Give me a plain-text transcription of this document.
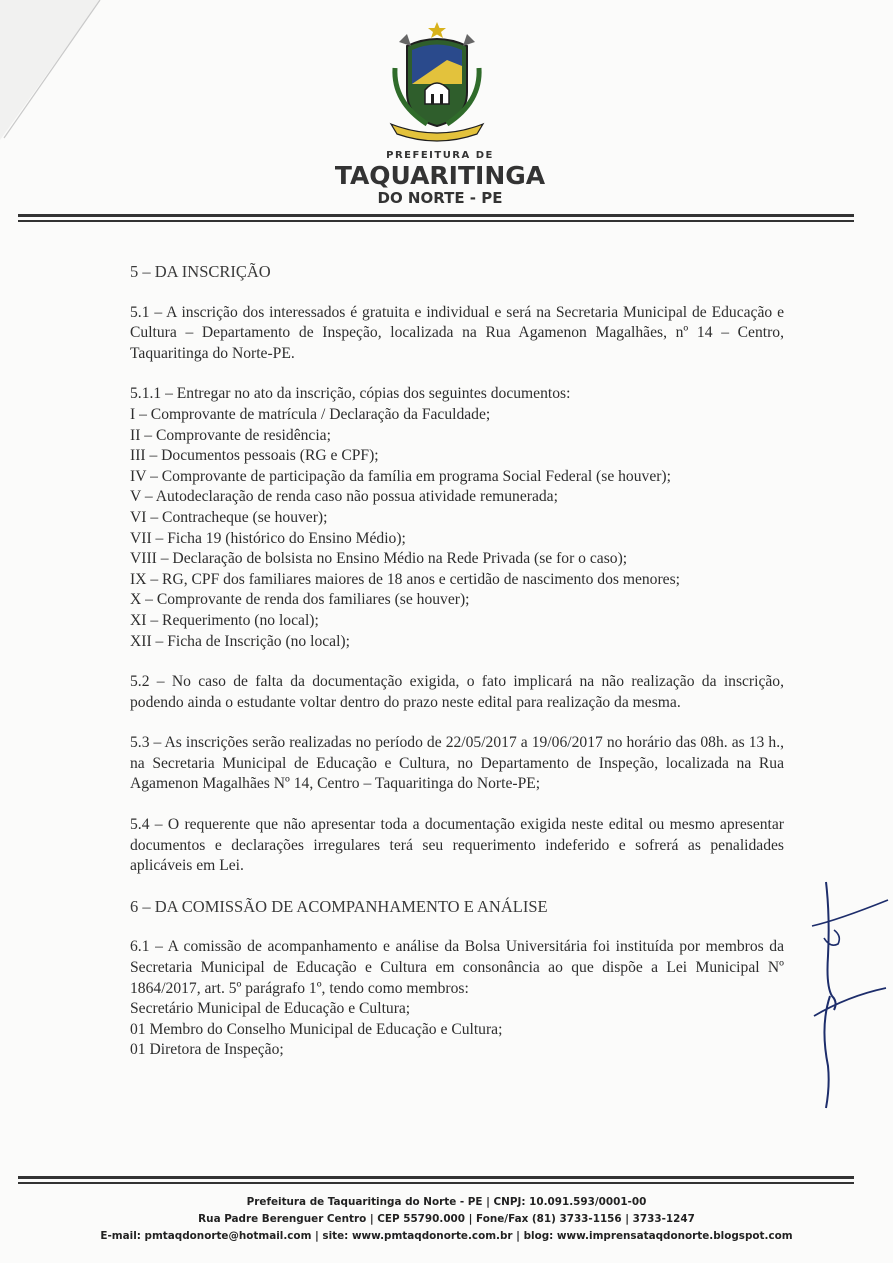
PREFEITURA DE
TAQUARITINGA
DO NORTE - PE
5 – DA INSCRIÇÃO

5.1 – A inscrição dos interessados é gratuita e individual e será na Secretaria Municipal de Educação e Cultura – Departamento de Inspeção, localizada na Rua Agamenon Magalhães, nº 14 – Centro, Taquaritinga do Norte-PE.

5.1.1 – Entregar no ato da inscrição, cópias dos seguintes documentos:

I – Comprovante de matrícula / Declaração da Faculdade;

II – Comprovante de residência;

III – Documentos pessoais (RG e CPF);

IV – Comprovante de participação da família em programa Social Federal (se houver);

V – Autodeclaração de renda caso não possua atividade remunerada;

VI – Contracheque (se houver);

VII – Ficha 19 (histórico do Ensino Médio);

VIII – Declaração de bolsista no Ensino Médio na Rede Privada (se for o caso);

IX – RG, CPF dos familiares maiores de 18 anos e certidão de nascimento dos menores;

X – Comprovante de renda dos familiares (se houver);

XI – Requerimento (no local);

XII – Ficha de Inscrição (no local);

5.2 – No caso de falta da documentação exigida, o fato implicará na não realização da inscrição, podendo ainda o estudante voltar dentro do prazo neste edital para realização da mesma.

5.3 – As inscrições serão realizadas no período de 22/05/2017 a 19/06/2017 no horário das 08h. as 13 h., na Secretaria Municipal de Educação e Cultura, no Departamento de Inspeção, localizada na Rua Agamenon Magalhães Nº 14, Centro – Taquaritinga do Norte-PE;

5.4 – O requerente que não apresentar toda a documentação exigida neste edital ou mesmo apresentar documentos e declarações irregulares terá seu requerimento indeferido e sofrerá as penalidades aplicáveis em Lei.

6 – DA COMISSÃO DE ACOMPANHAMENTO E ANÁLISE

6.1 – A comissão de acompanhamento e análise da Bolsa Universitária foi instituída por membros da Secretaria Municipal de Educação e Cultura em consonância ao que dispõe a Lei Municipal Nº 1864/2017, art. 5º parágrafo 1º, tendo como membros:

Secretário Municipal de Educação e Cultura;

01 Membro do Conselho Municipal de Educação e Cultura;

01 Diretora de Inspeção;

Prefeitura de Taquaritinga do Norte - PE | CNPJ: 10.091.593/0001-00
Rua Padre Berenguer Centro | CEP 55790.000 | Fone/Fax (81) 3733-1156 | 3733-1247
E-mail: pmtaqdonorte@hotmail.com | site: www.pmtaqdonorte.com.br | blog: www.imprensataqdonorte.blogspot.com
